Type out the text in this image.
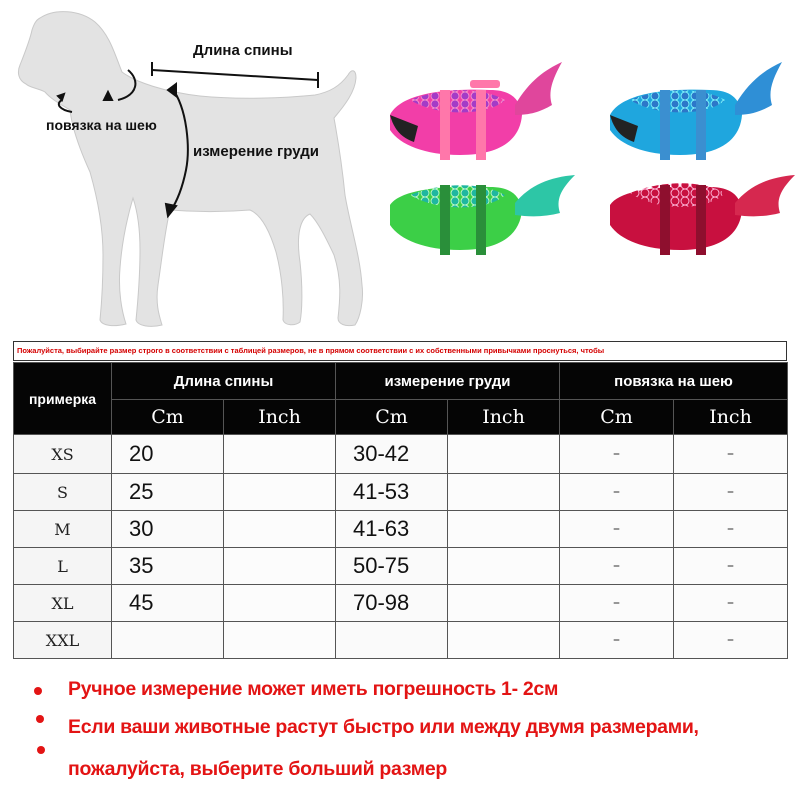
Длина спины
повязка на шею
измерение груди
Пожалуйста, выбирайте размер строго в соответствии с таблицей размеров, не в прямом соответствии с их собственными привычками проснуться, чтобы
примерка	Длина спины		измерение груди		повязка на шею	
	Cm	Inch	Cm	Inch	Cm	Inch
XS	20		30-42		–	–
S	25		41-53		–	–
M	30		41-63		–	–
L	35		50-75		–	–
XL	45		70-98		–	–
XXL					–	–
Ручное измерение может иметь погрешность 1- 2см
Если ваши животные растут быстро или между двумя размерами,
пожалуйста, выберите больший размер
